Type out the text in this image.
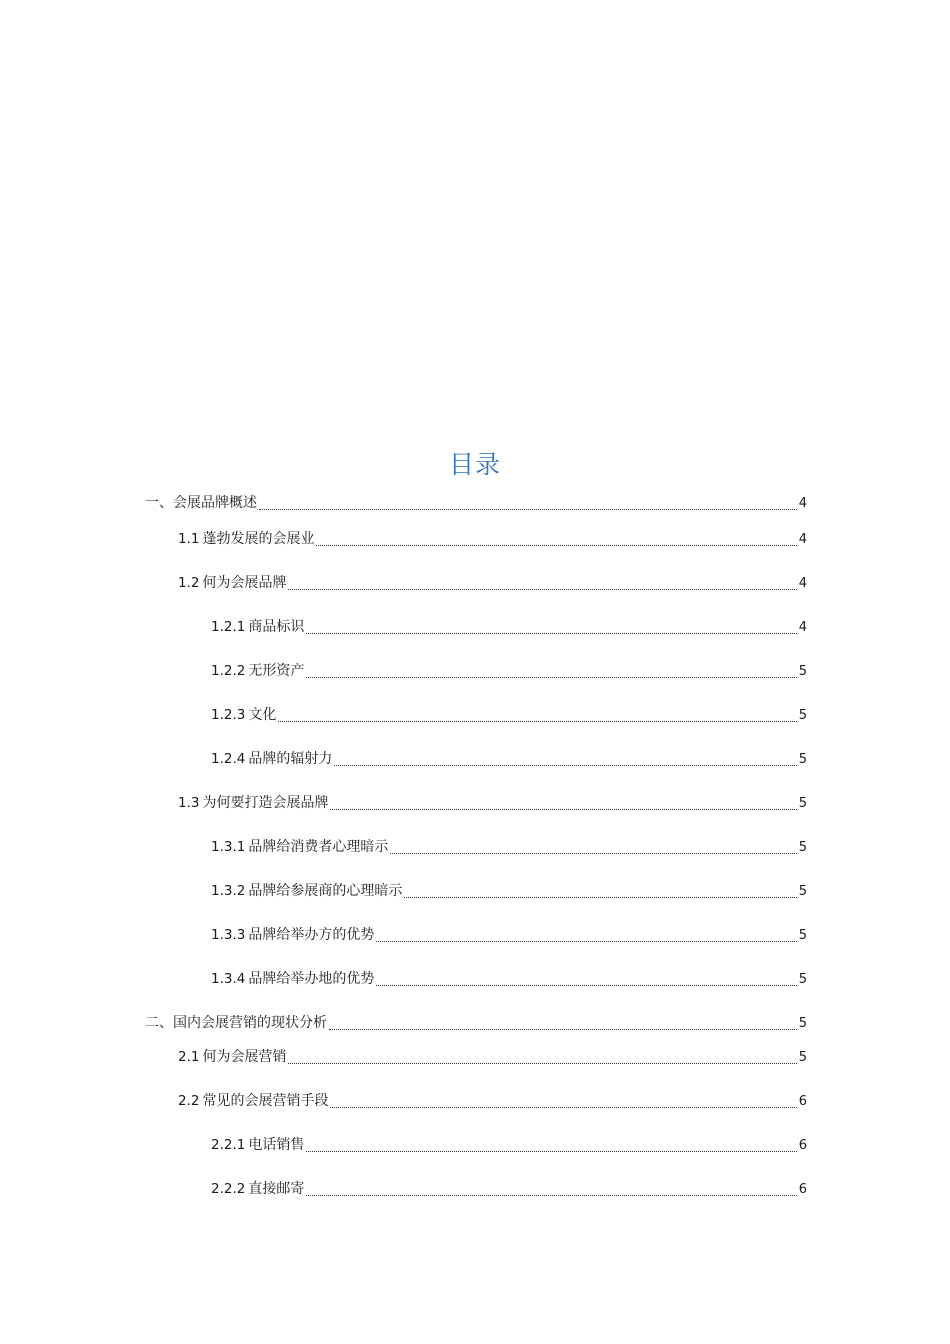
目录
一、 会展品牌概述	4
1.1 蓬勃发展的会展业	4
1.2 何为会展品牌	4
1.2.1 商品标识	4
1.2.2 无形资产	5
1.2.3 文化	5
1.2.4 品牌的辐射力	5
1.3 为何要打造会展品牌	5
1.3.1 品牌给消费者心理暗示	5
1.3.2 品牌给参展商的心理暗示	5
1.3.3 品牌给举办方的优势	5
1.3.4 品牌给举办地的优势	5
二、 国内会展营销的现状分析	5
2.1 何为会展营销	5
2.2 常见的会展营销手段	6
2.2.1 电话销售	6
2.2.2 直接邮寄	6
